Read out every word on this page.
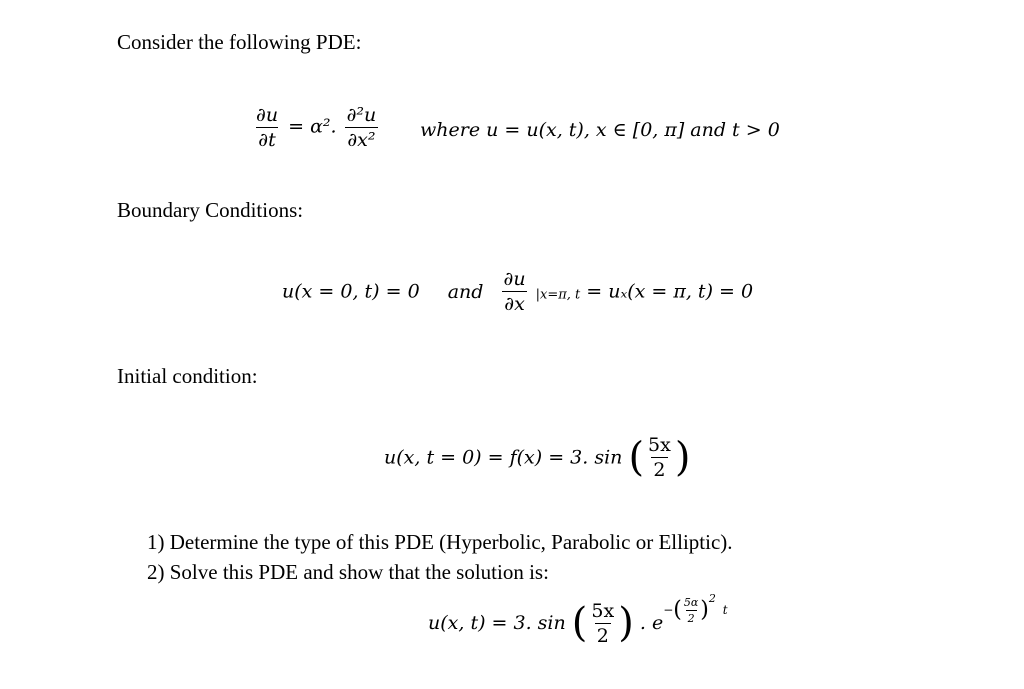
Consider the following PDE:
$\frac{\partial u}{\partial t} = \alpha^2$. $\frac{\text{∂²u}}{\text{∂x²}}$ where u = u(x, t), x ∈ [0, π] and t > 0
Boundary Conditions:
u(x = 0, t) = 0 and $\frac{\partial u}{\partial x} |x=\pi$, t = uₓ(x = π, t) = 0
Initial condition:
u(x, t = 0) = f(x) = 3. sin ( $\frac{5x}{2}$ )
1) Determine the type of this PDE (Hyperbolic, Parabolic or Elliptic).
2) Solve this PDE and show that the solution is:
u(x, t) = 3. sin ( $\frac{5x}{2}$ ) . $e-( \frac{5\alpha}{2} )2$ t
